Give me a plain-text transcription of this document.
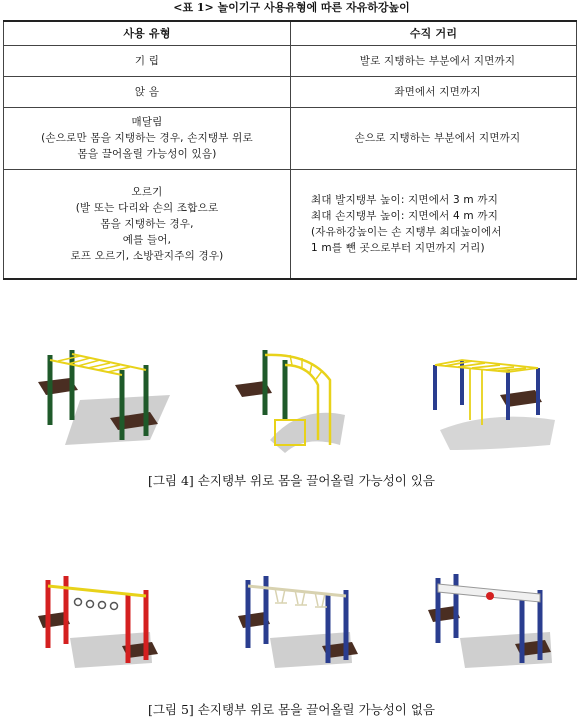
<표 1> 놀이기구 사용유형에 따른 자유하강높이
사용 유형	수직 거리

기 립	발로 지탱하는 부분에서 지면까지

앉 음	좌면에서 지면까지

매달림
(손으로만 몸을 지탱하는 경우, 손지탱부 위로
몸을 끌어올릴 가능성이 있음)	손으로 지탱하는 부분에서 지면까지

오르기
(발 또는 다리와 손의 조합으로
몸을 지탱하는 경우,
예를 들어,
로프 오르기, 소방관지주의 경우)	최대 발지탱부 높이: 지면에서 3 m 까지
최대 손지탱부 높이: 지면에서 4 m 까지
(자유하강높이는 손 지탱부 최대높이에서
1 m를 뺀 곳으로부터 지면까지 거리)
[그림 4] 손지탱부 위로 몸을 끌어올릴 가능성이 있음
[그림 5] 손지탱부 위로 몸을 끌어올릴 가능성이 없음
